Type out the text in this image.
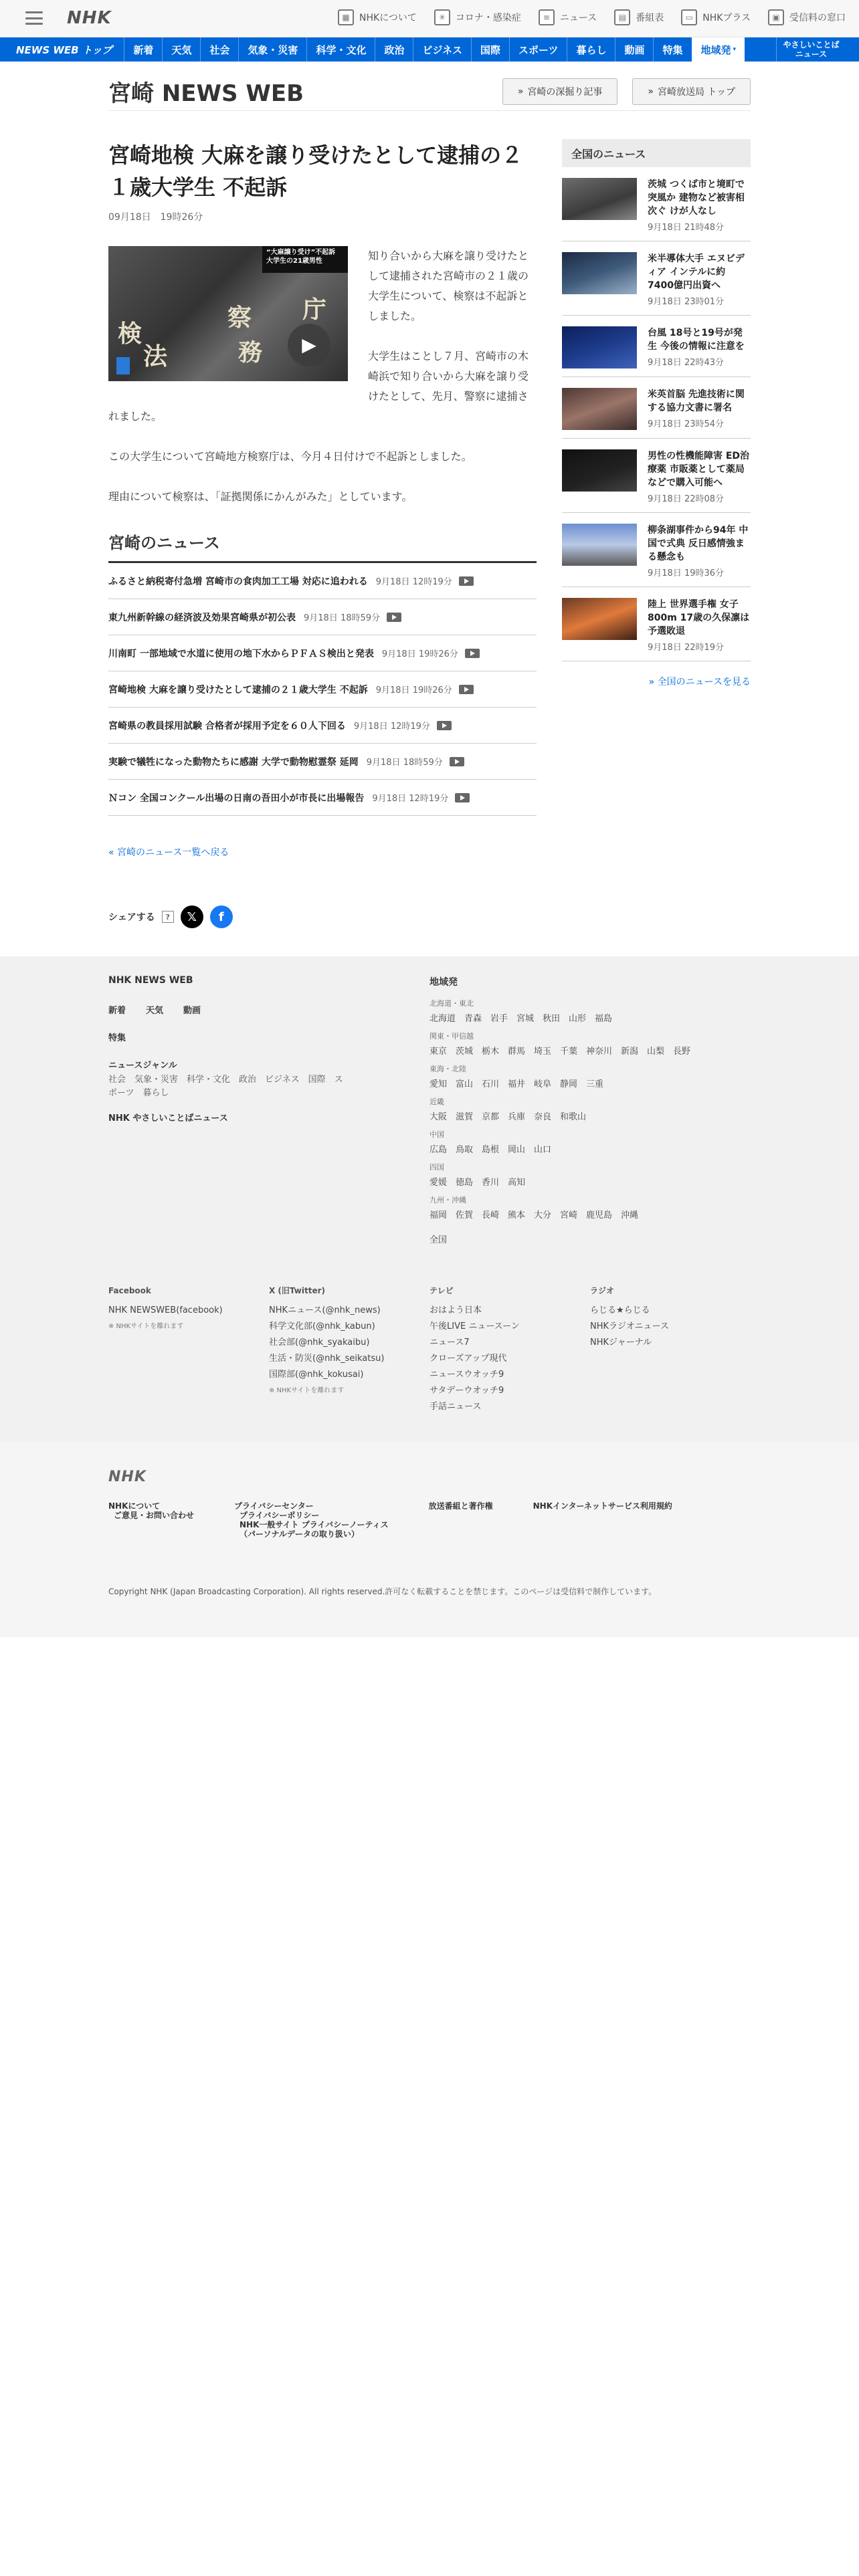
NHK	▦	NHKについて	✳	コロナ・感染症	≡	ニュース	▤	番組表	▭	NHKプラス	▣	受信料の窓口
NEWS WEB トップ	新着	天気	社会	気象・災害	科学・文化	政治	ビジネス	国際	スポーツ	暮らし	動画	特集	地域発 ▾	やさしいことば
ニュース
宮崎 NEWS WEB	» 宮崎の深掘り記事	» 宮崎放送局 トップ
宮崎地検 大麻を譲り受けたとして逮捕の２１歳大学生 不起訴
09月18日 19時26分
検
察 庁
法	務
“大麻譲り受け”不起訴 大学生の21歳男性
▶

知り合いから大麻を譲り受けたとして逮捕された宮崎市の２１歳の大学生について、検察は不起訴としました。

大学生はことし７月、宮崎市の木崎浜で知り合いから大麻を譲り受けたとして、先月、警察に逮捕されました。

この大学生について宮崎地方検察庁は、今月４日付けで不起訴としました。

理由について検察は、「証拠関係にかんがみた」としています。

宮崎のニュース
ふるさと納税寄付急増 宮崎市の食肉加工工場 対応に追われる 9月18日 12時19分
東九州新幹線の経済波及効果宮崎県が初公表 9月18日 18時59分
川南町 一部地域で水道に使用の地下水からＰＦＡＳ検出と発表 9月18日 19時26分
宮崎地検 大麻を譲り受けたとして逮捕の２１歳大学生 不起訴 9月18日 19時26分
宮崎県の教員採用試験 合格者が採用予定を６０人下回る 9月18日 12時19分
実験で犠牲になった動物たちに感謝 大学で動物慰霊祭 延岡 9月18日 18時59分
Ｎコン 全国コンクール出場の日南の吾田小が市長に出場報告 9月18日 12時19分
« 宮崎のニュース一覧へ戻る
シェアする	?	𝕏	f
全国のニュース
茨城 つくば市と境町で 突風か 建物など被害相次ぐ けが人なし
9月18日 21時48分
米半導体大手 エヌビディア インテルに約7400億円出資へ
9月18日 23時01分
台風 18号と19号が発生 今後の情報に注意を
9月18日 22時43分
米英首脳 先進技術に関する協力文書に署名
9月18日 23時54分
男性の性機能障害 ED治療薬 市販薬として薬局などで購入可能へ
9月18日 22時08分
柳条湖事件から94年 中国で式典 反日感情強まる懸念も
9月18日 19時36分
陸上 世界選手権 女子800m 17歳の久保凛は予選敗退
9月18日 22時19分
» 全国のニュースを見る
NHK NEWS WEB
新着 天気 動画
特集
ニュースジャンル
社会　気象・災害　科学・文化　政治　ビジネス　国際　スポーツ　暮らし
NHK やさしいことばニュース
地域発
北海道・東北
北海道　青森　岩手　宮城　秋田　山形　福島
関東・甲信越
東京　茨城　栃木　群馬　埼玉　千葉　神奈川　新潟　山梨　長野
東海・北陸
愛知　富山　石川　福井　岐阜　静岡　三重
近畿
大阪　滋賀　京都　兵庫　奈良　和歌山
中国
広島　鳥取　島根　岡山　山口
四国
愛媛　徳島　香川　高知
九州・沖縄
福岡　佐賀　長崎　熊本　大分　宮崎　鹿児島　沖縄
全国
Facebook
NHK NEWSWEB(facebook)
※ NHKサイトを離れます
X (旧Twitter)
NHKニュース(@nhk_news)
科学文化部(@nhk_kabun)
社会部(@nhk_syakaibu)
生活・防災(@nhk_seikatsu)
国際部(@nhk_kokusai)
※ NHKサイトを離れます
テレビ
おはよう日本
午後LIVE ニュースーン
ニュース7
クローズアップ現代
ニュースウオッチ9
サタデーウオッチ9
手話ニュース
ラジオ
らじる★らじる
NHKラジオニュース
NHKジャーナル
NHK
NHKについて
ご意見・お問い合わせ
プライバシーセンター
プライバシーポリシー
NHK一般サイト プライバシーノーティス
（パーソナルデータの取り扱い）
放送番組と著作権	NHKインターネットサービス利用規約
Copyright NHK (Japan Broadcasting Corporation). All rights reserved.許可なく転載することを禁じます。このページは受信料で制作しています。
